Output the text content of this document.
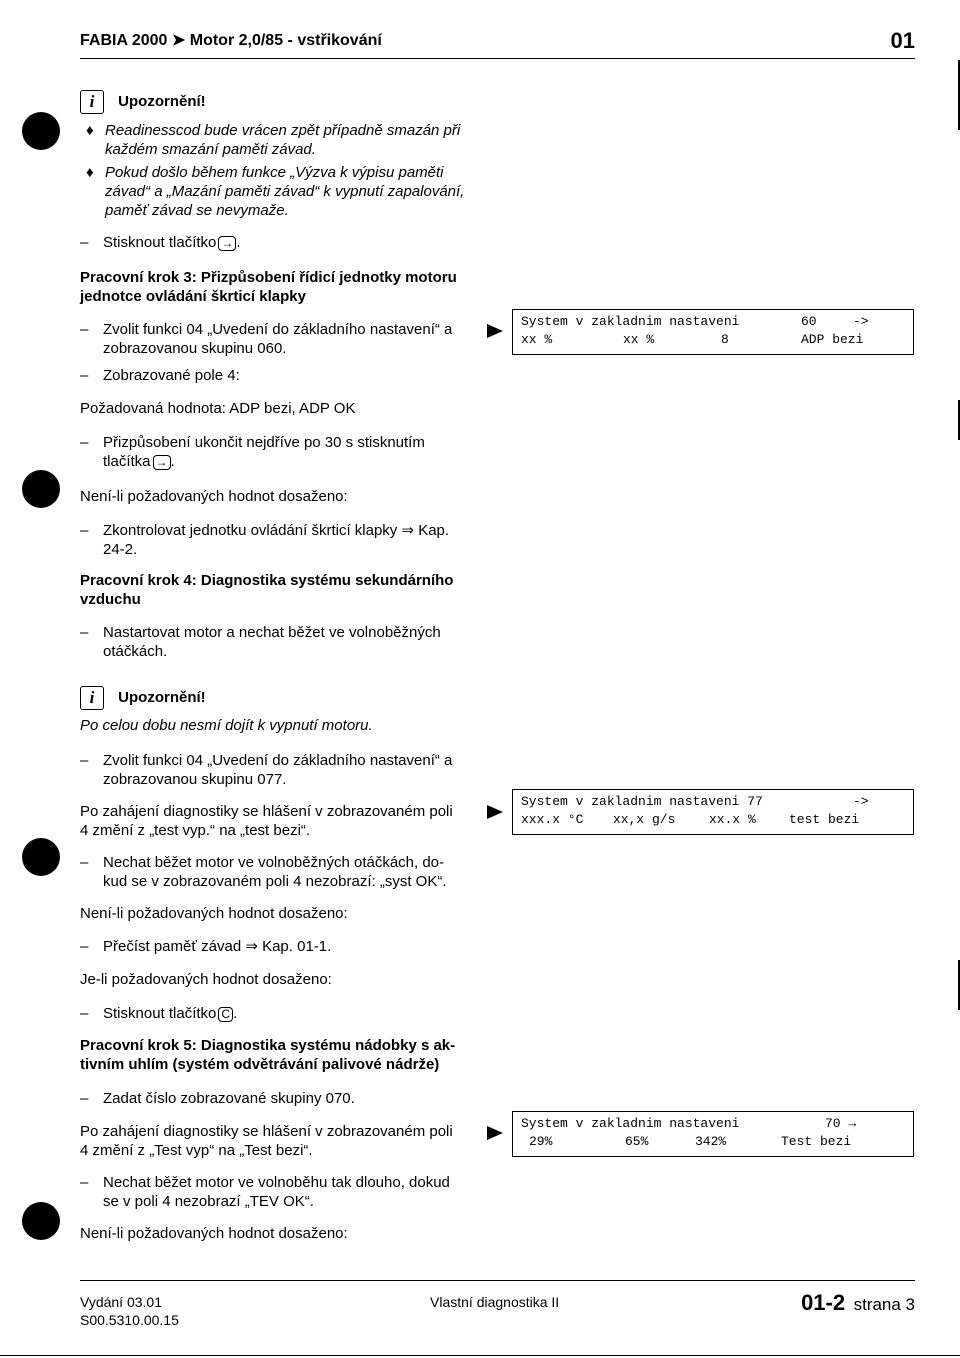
FABIA 2000 ➤ Motor 2,0/85 - vstřikování	01
i Upozornění!
♦ Readinesscod bude vrácen zpět případně smazán při
každém smazání paměti závad.
♦ Pokud došlo během funkce „Výzva k výpisu paměti
závad“ a „Mazání paměti závad“ k vypnutí zapalování,
paměť závad se nevymaže.
– Stisknout tlačítko → .
Pracovní krok 3: Přizpůsobení řídicí jednotky motoru
jednotce ovládání škrticí klapky
– Zvolit funkci 04 „Uvedení do základního nastavení“ a
zobrazovanou skupinu 060.
System v zakladnim nastaveni	60	->
xx %	xx %	8	ADP bezi
– Zobrazované pole 4:
Požadovaná hodnota: ADP bezi, ADP OK
– Přizpůsobení ukončit nejdříve po 30 s stisknutím
tlačítka → .
Není-li požadovaných hodnot dosaženo:
– Zkontrolovat jednotku ovládání škrticí klapky ⇒ Kap.
24-2.
Pracovní krok 4: Diagnostika systému sekundárního
vzduchu
– Nastartovat motor a nechat běžet ve volnoběžných
otáčkách.
i Upozornění!
Po celou dobu nesmí dojít k vypnutí motoru.
– Zvolit funkci 04 „Uvedení do základního nastavení“ a
zobrazovanou skupinu 077.
Po zahájení diagnostiky se hlášení v zobrazovaném poli
4 změní z „test vyp.“ na „test bezi“.
System v zakladnim nastaveni 77	->
xxx.x °C xx,x g/s	xx.x %	test bezi
– Nechat běžet motor ve volnoběžných otáčkách, do-
kud se v zobrazovaném poli 4 nezobrazí: „syst OK“.
Není-li požadovaných hodnot dosaženo:
– Přečíst paměť závad ⇒ Kap. 01-1.
Je-li požadovaných hodnot dosaženo:
– Stisknout tlačítko C .
Pracovní krok 5: Diagnostika systému nádobky s ak-
tivním uhlím (systém odvětrávání palivové nádrže)
– Zadat číslo zobrazované skupiny 070.
Po zahájení diagnostiky se hlášení v zobrazovaném poli
4 změní z „Test vyp“ na „Test bezi“.
System v zakladnim nastaveni	70 →
29%	65%	342%	Test bezi
– Nechat běžet motor ve volnoběhu tak dlouho, dokud
se v poli 4 nezobrazí „TEV OK“.
Není-li požadovaných hodnot dosaženo:
Vydání 03.01
S00.5310.00.15
Vlastní diagnostika II	01-2 strana 3
